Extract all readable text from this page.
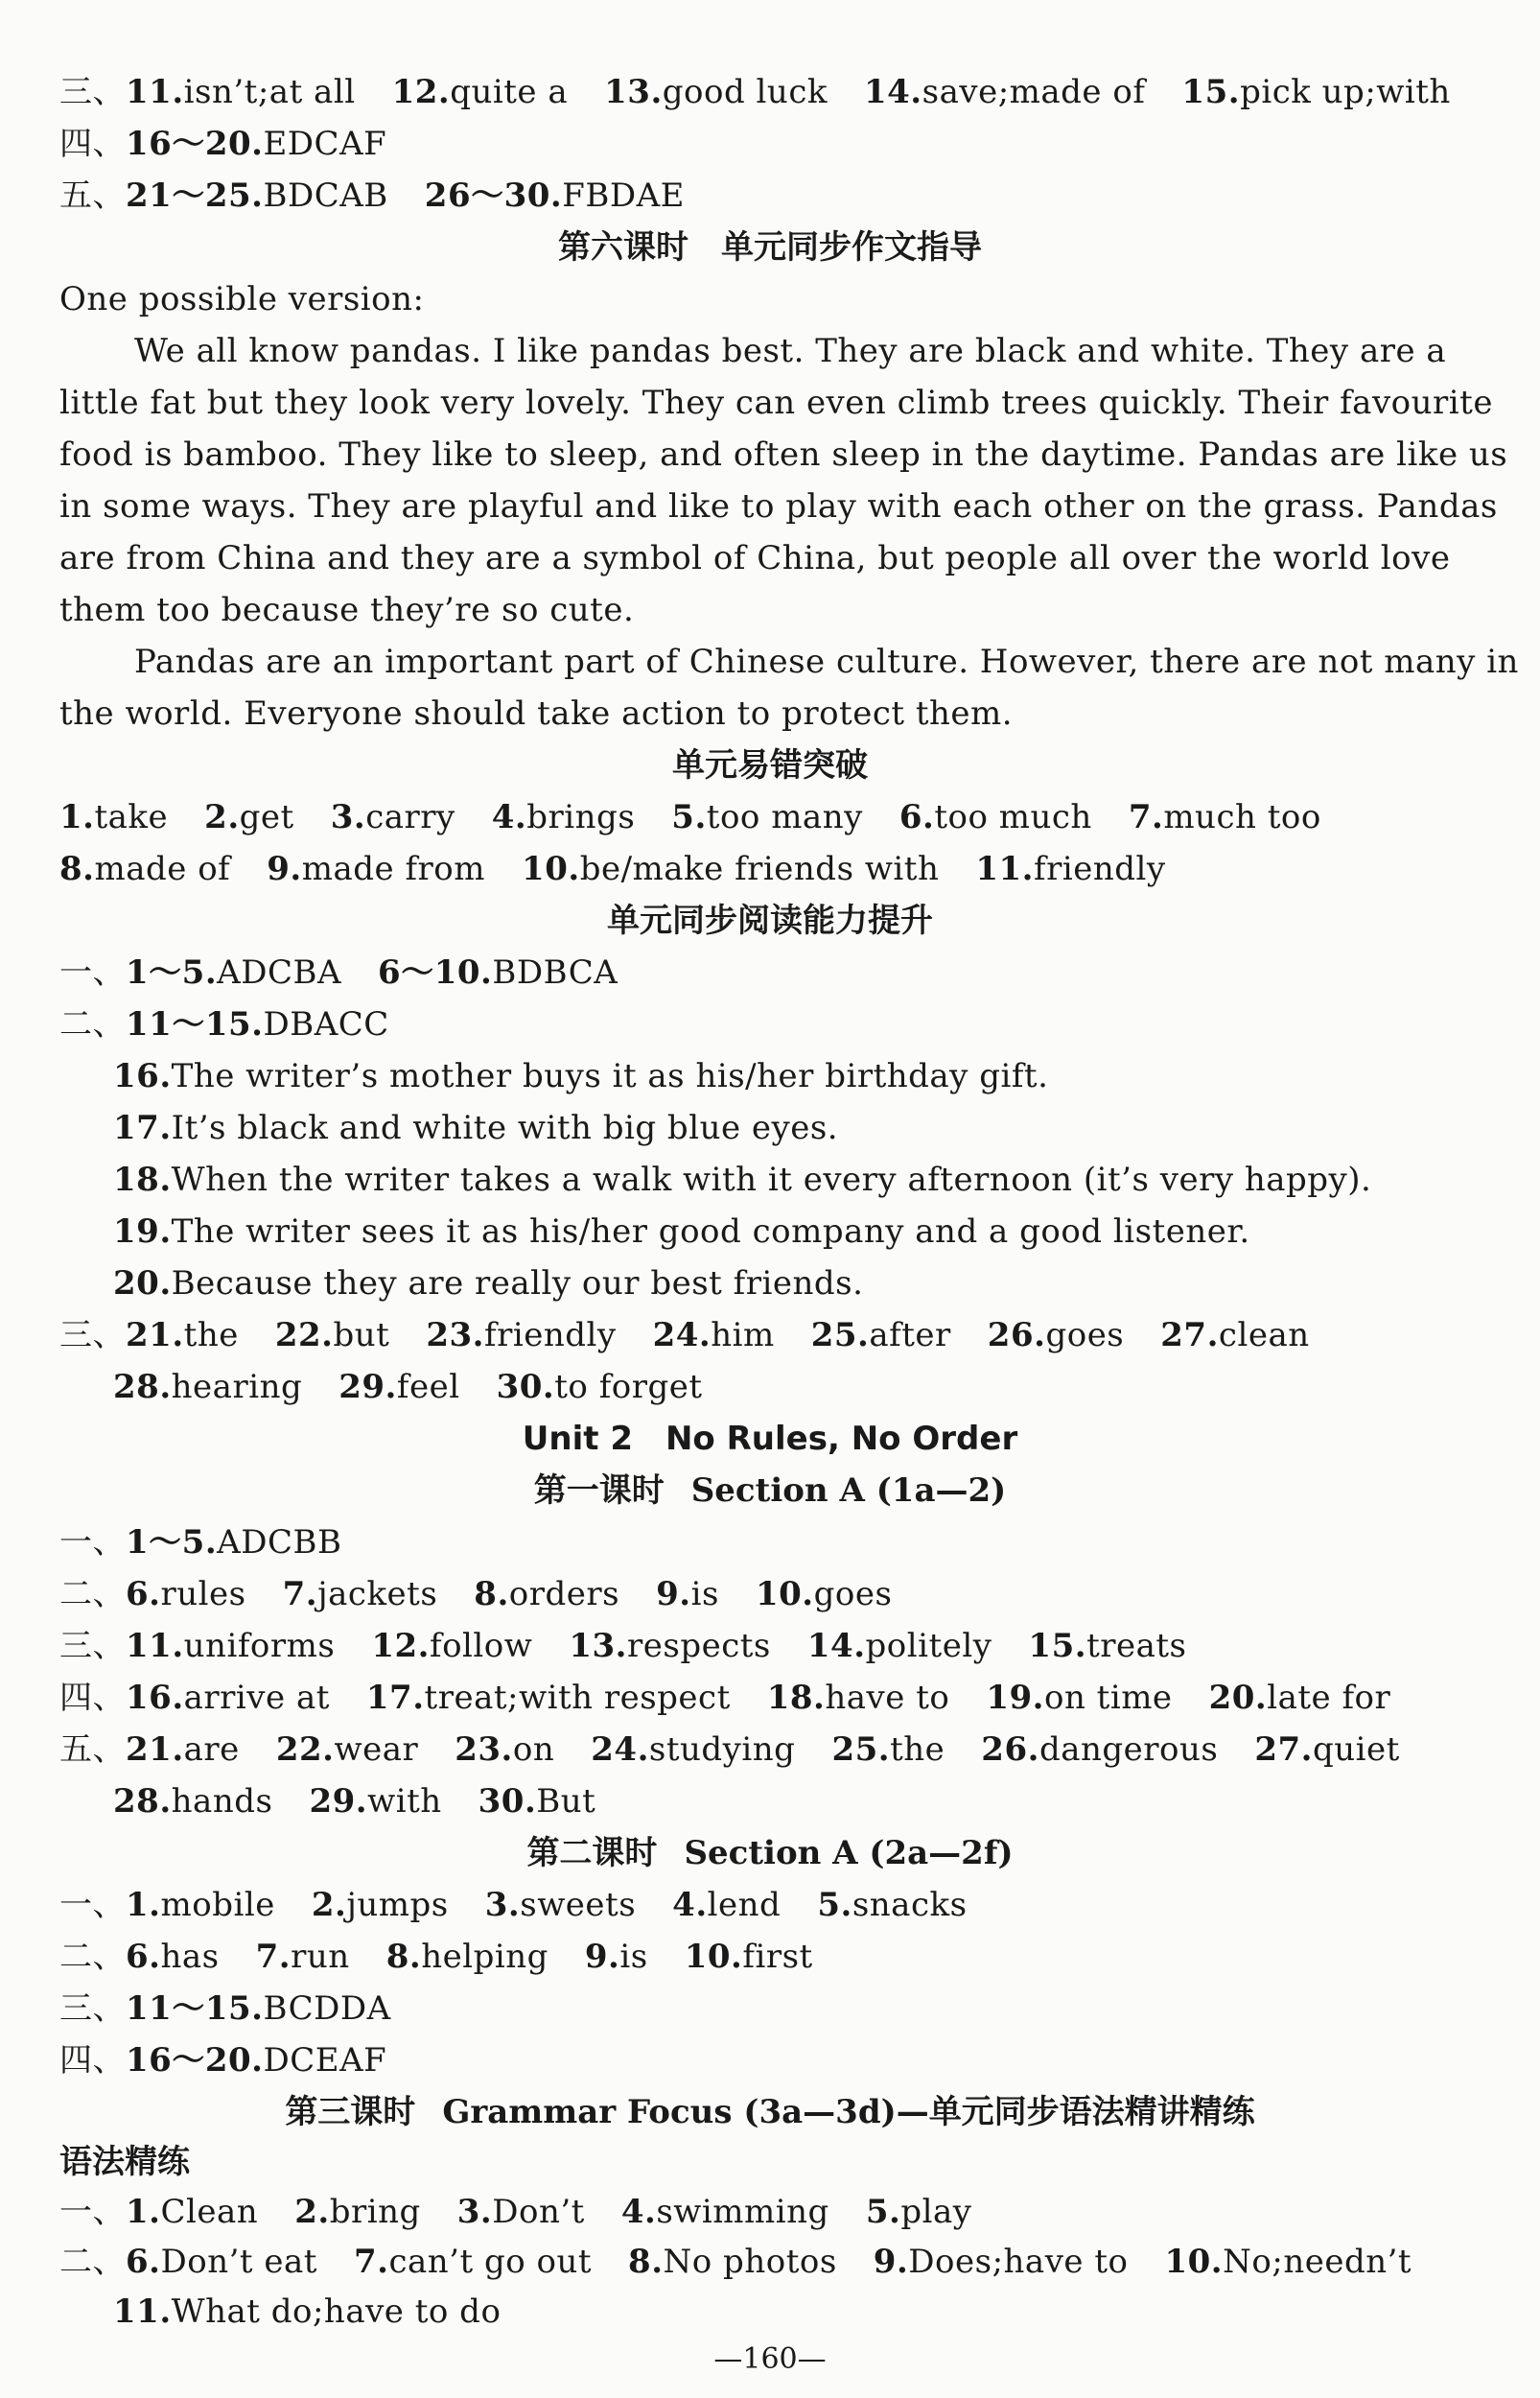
三、11.isn’t;at all 12.quite a 13.good luck 14.save;made of 15.pick up;with
四、16～20.EDCAF
五、21～25.BDCAB 26～30.FBDAE
第六课时　单元同步作文指导
One possible version:
We all know pandas. I like pandas best. They are black and white. They are a
little fat but they look very lovely. They can even climb trees quickly. Their favourite
food is bamboo. They like to sleep, and often sleep in the daytime. Pandas are like us
in some ways. They are playful and like to play with each other on the grass. Pandas
are from China and they are a symbol of China, but people all over the world love
them too because they’re so cute.
Pandas are an important part of Chinese culture. However, there are not many in
the world. Everyone should take action to protect them.
单元易错突破
1.take 2.get 3.carry 4.brings 5.too many 6.too much 7.much too
8.made of 9.made from 10.be/make friends with 11.friendly
单元同步阅读能力提升
一、1～5.ADCBA 6～10.BDBCA
二、11～15.DBACC
16.The writer’s mother buys it as his/her birthday gift.
17.It’s black and white with big blue eyes.
18.When the writer takes a walk with it every afternoon (it’s very happy).
19.The writer sees it as his/her good company and a good listener.
20.Because they are really our best friends.
三、21.the 22.but 23.friendly 24.him 25.after 26.goes 27.clean
28.hearing 29.feel 30.to forget
Unit 2　No Rules, No Order
第一课时 Section A (1a—2)
一、1～5.ADCBB
二、6.rules 7.jackets 8.orders 9.is 10.goes
三、11.uniforms 12.follow 13.respects 14.politely 15.treats
四、16.arrive at 17.treat;with respect 18.have to 19.on time 20.late for
五、21.are 22.wear 23.on 24.studying 25.the 26.dangerous 27.quiet
28.hands 29.with 30.But
第二课时 Section A (2a—2f)
一、1.mobile 2.jumps 3.sweets 4.lend 5.snacks
二、6.has 7.run 8.helping 9.is 10.first
三、11～15.BCDDA
四、16～20.DCEAF
第三课时 Grammar Focus (3a—3d)—单元同步语法精讲精练
语法精练
一、1.Clean 2.bring 3.Don’t 4.swimming 5.play
二、6.Don’t eat 7.can’t go out 8.No photos 9.Does;have to 10.No;needn’t
11.What do;have to do
—160—
